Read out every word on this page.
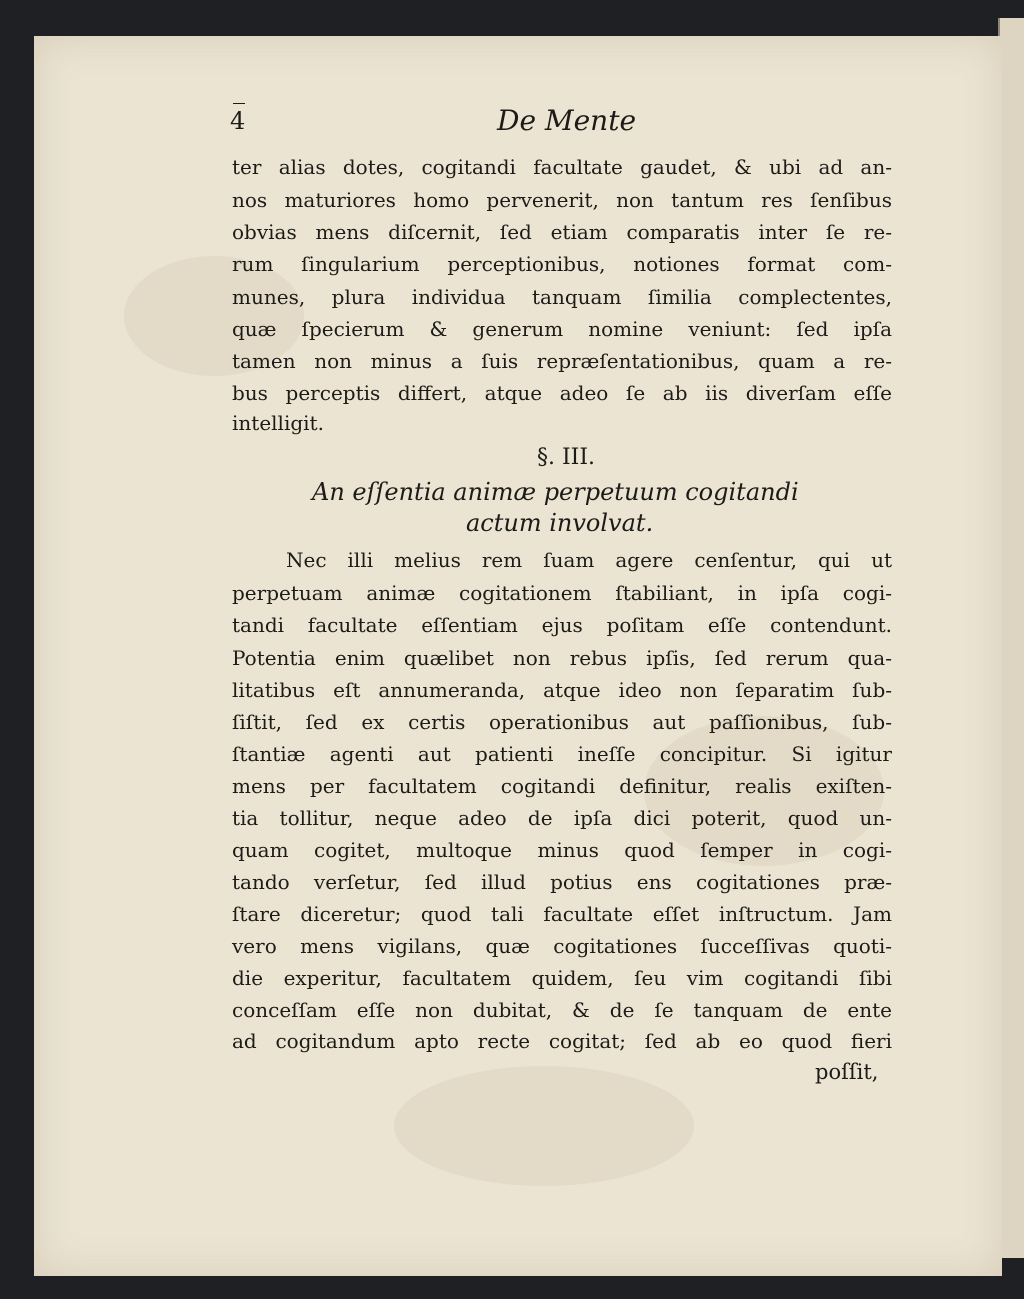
4	De Mente
ter alias dotes, cogitandi facultate gaudet, & ubi ad an-
nos maturiores homo pervenerit, non tantum res ſenſibus
obvias mens diſcernit, ſed etiam comparatis inter ſe re-
rum ſingularium perceptionibus, notiones format com-
munes, plura individua tanquam ſimilia complectentes,
quæ ſpecierum & generum nomine veniunt: ſed ipſa
tamen non minus a ſuis repræſentationibus, quam a re-
bus perceptis differt, atque adeo ſe ab iis diverſam eſſe
intelligit.
§. III.
An eſſentia animæ perpetuum cogitandi
actum involvat.
Nec illi melius rem ſuam agere cenſentur, qui ut
perpetuam animæ cogitationem ſtabiliant, in ipſa cogi-
tandi facultate eſſentiam ejus poſitam eſſe contendunt.
Potentia enim quælibet non rebus ipſis, ſed rerum qua-
litatibus eſt annumeranda, atque ideo non ſeparatim ſub-
ſiſtit, ſed ex certis operationibus aut paſſionibus, ſub-
ſtantiæ agenti aut patienti ineſſe concipitur. Si igitur
mens per facultatem cogitandi definitur, realis exiſten-
tia tollitur, neque adeo de ipſa dici poterit, quod un-
quam cogitet, multoque minus quod ſemper in cogi-
tando verſetur, ſed illud potius ens cogitationes præ-
ſtare diceretur; quod tali facultate eſſet inſtructum. Jam
vero mens vigilans, quæ cogitationes ſucceſſivas quoti-
die experitur, facultatem quidem, ſeu vim cogitandi ſibi
conceſſam eſſe non dubitat, & de ſe tanquam de ente
ad cogitandum apto recte cogitat; ſed ab eo quod fieri
poſſit,
